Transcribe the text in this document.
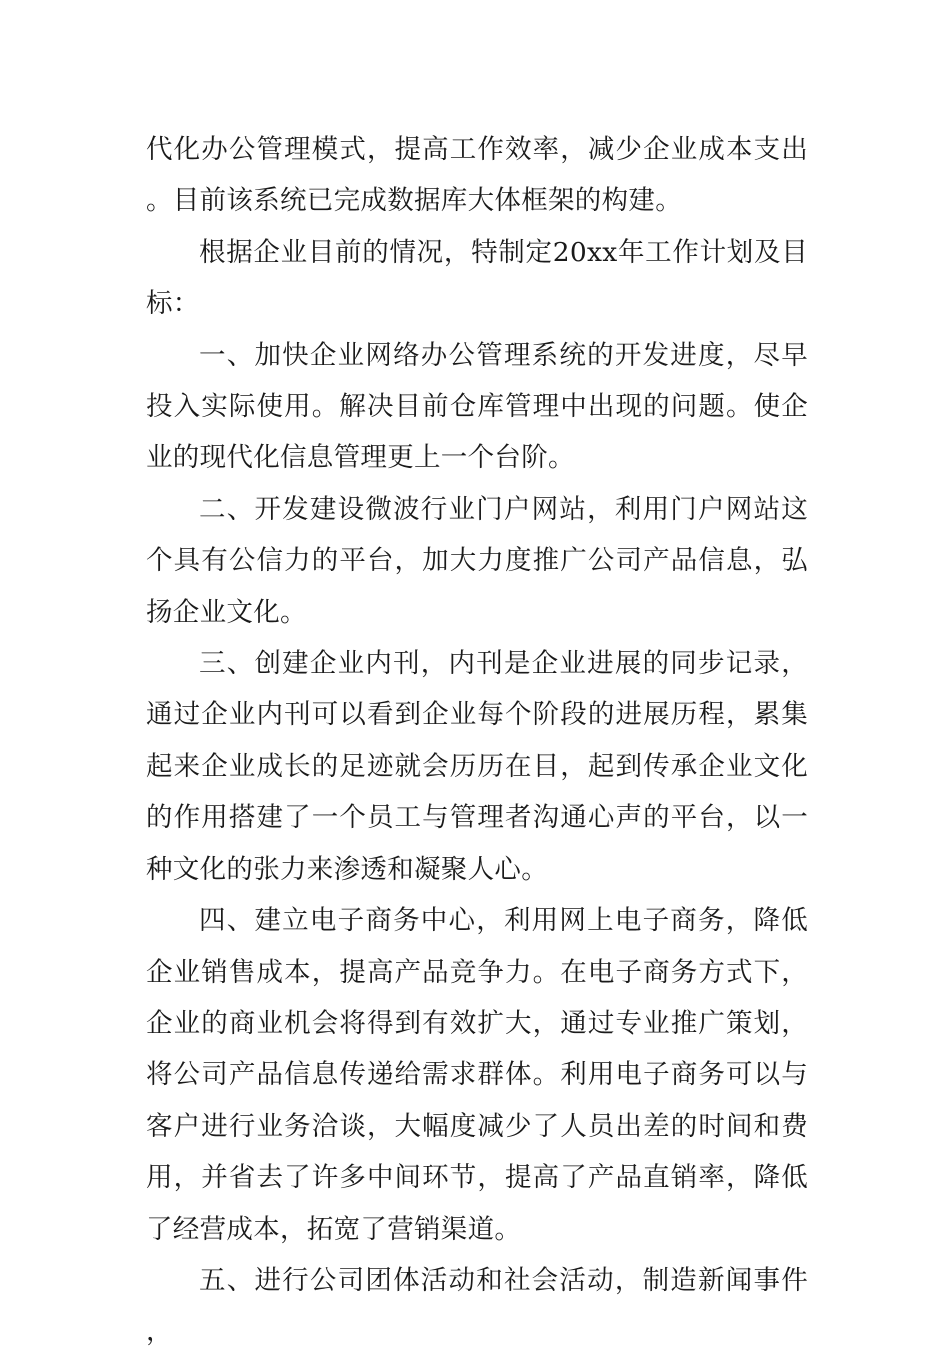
代化办公管理模式，提高工作效率，减少企业成本支出。目前该系统已完成数据库大体框架的构建。

根据企业目前的情况，特制定20xx年工作计划及目标：

一、加快企业网络办公管理系统的开发进度，尽早投入实际使用。解决目前仓库管理中出现的问题。使企业的现代化信息管理更上一个台阶。

二、开发建设微波行业门户网站，利用门户网站这个具有公信力的平台，加大力度推广公司产品信息，弘扬企业文化。

三、创建企业内刊，内刊是企业进展的同步记录，通过企业内刊可以看到企业每个阶段的进展历程，累集起来企业成长的足迹就会历历在目，起到传承企业文化的作用搭建了一个员工与管理者沟通心声的平台，以一种文化的张力来渗透和凝聚人心。

四、建立电子商务中心，利用网上电子商务，降低企业销售成本，提高产品竞争力。在电子商务方式下，企业的商业机会将得到有效扩大，通过专业推广策划，将公司产品信息传递给需求群体。利用电子商务可以与客户进行业务洽谈，大幅度减少了人员出差的时间和费用，并省去了许多中间环节，提高了产品直销率，降低了经营成本，拓宽了营销渠道。

五、进行公司团体活动和社会活动，制造新闻事件，
